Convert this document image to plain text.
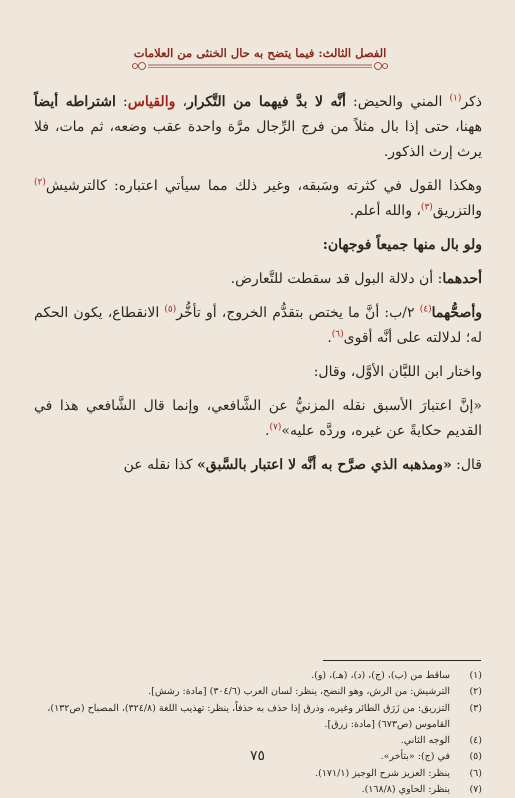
الفصل الثالث: فيما يتضح به حال الخنثى من العلامات

ذكر$^{(١)}$ المني والحيض: أنَّه لا بدَّ فيهما من التَّكرار، والقياس: اشتراطه أيضاً ههنا، حتى إذا بال مثلاً من فرج الرِّجال مرَّة واحدة عقب وضعه، ثم مات، فلا يرث إرث الذكور.

وهكذا القول في كثرته وسَبقه، وغير ذلك مما سيأتي اعتباره: كالترشيش$^{(٢)}$ والتزريق$^{(٣)}$، والله أعلم.

ولو بال منها جميعاً فوجهان:

أحدهما: أن دلالة البول قد سقطت للتَّعارض.

وأصحُّهما$^{(٤)}$ ٢/ب: أنَّ ما يختص بتقدُّم الخروج، أو تأخُّر$^{(٥)}$ الانقطاع، يكون الحكم له؛ لدلالته على أنَّه أقوى$^{(٦)}$.

واختار ابن اللبَّان الأوَّل، وقال:

«إنَّ اعتبارَ الأسبق نقله المزنيُّ عن الشَّافعي، وإنما قال الشَّافعي هذا في القديم حكايةً عن غيره، وردَّه عليه»$^{(٧)}$.

قال: «ومذهبه الذي صرَّح به أنَّه لا اعتبار بالسَّبق» كذا نقله عن

(١)
ساقط من (ب)، (ج)، (د)، (هـ)، (و).
(٢)
الترشيش: من الرش، وهو النضح، ينظر: لسان العرب (٣٠٤/٦) [مادة: رشش].
(٣)
التزريق: من زَرَق الطائر وغيره، وذرق إذا حذف به حذفاً، ينظر: تهذيب اللغة (٣٢٤/٨)، المصباح (ص١٣٢)، القاموس (ص٦٧٣) [مادة: زرق].
(٤)
الوجه الثاني.
(٥)
في (ج): «بتأخر».
(٦)
ينظر: العزيز شرح الوجيز (١٧١/١).
(٧)
ينظر: الحاوي (١٦٨/٨).
٧٥
